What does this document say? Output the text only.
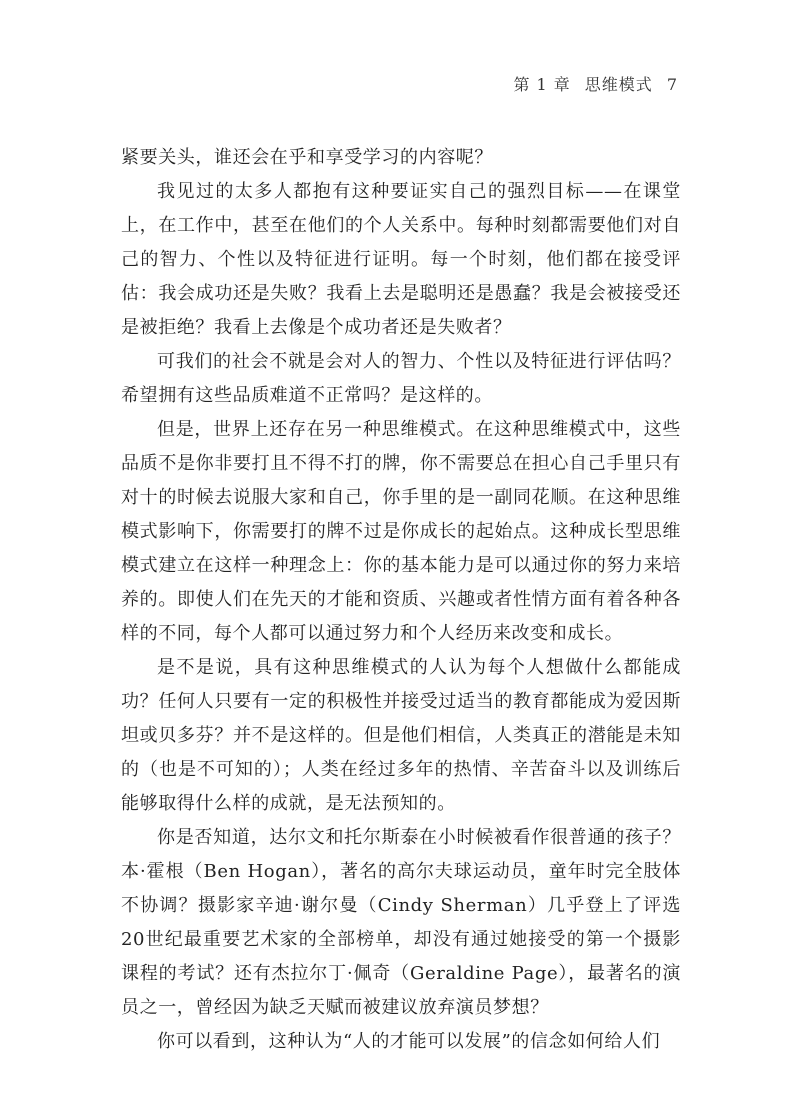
第 1 章 思维模式 7

紧要关头，谁还会在乎和享受学习的内容呢？

我见过的太多人都抱有这种要证实自己的强烈目标——在课堂上，在工作中，甚至在他们的个人关系中。每种时刻都需要他们对自己的智力、个性以及特征进行证明。每一个时刻，他们都在接受评估：我会成功还是失败？我看上去是聪明还是愚蠢？我是会被接受还是被拒绝？我看上去像是个成功者还是失败者？

可我们的社会不就是会对人的智力、个性以及特征进行评估吗？希望拥有这些品质难道不正常吗？是这样的。

但是，世界上还存在另一种思维模式。在这种思维模式中，这些品质不是你非要打且不得不打的牌，你不需要总在担心自己手里只有对十的时候去说服大家和自己，你手里的是一副同花顺。在这种思维模式影响下，你需要打的牌不过是你成长的起始点。这种成长型思维模式建立在这样一种理念上：你的基本能力是可以通过你的努力来培养的。即使人们在先天的才能和资质、兴趣或者性情方面有着各种各样的不同，每个人都可以通过努力和个人经历来改变和成长。

是不是说，具有这种思维模式的人认为每个人想做什么都能成功？任何人只要有一定的积极性并接受过适当的教育都能成为爱因斯坦或贝多芬？并不是这样的。但是他们相信，人类真正的潜能是未知的（也是不可知的）；人类在经过多年的热情、辛苦奋斗以及训练后能够取得什么样的成就，是无法预知的。

你是否知道，达尔文和托尔斯泰在小时候被看作很普通的孩子？本·霍根（Ben Hogan），著名的高尔夫球运动员，童年时完全肢体不协调？摄影家辛迪·谢尔曼（Cindy Sherman）几乎登上了评选20世纪最重要艺术家的全部榜单，却没有通过她接受的第一个摄影课程的考试？还有杰拉尔丁·佩奇（Geraldine Page），最著名的演员之一，曾经因为缺乏天赋而被建议放弃演员梦想？

你可以看到，这种认为“人的才能可以发展”的信念如何给人们
